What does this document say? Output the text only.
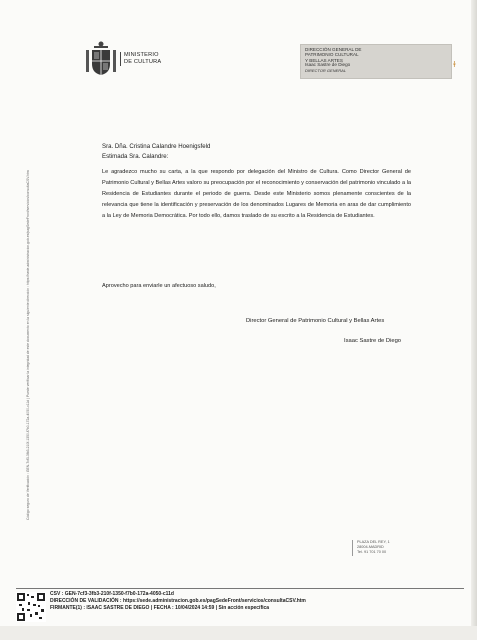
Código seguro de Verificación : GEN-7cf3-3fb3-210f-1350-f7b0-172a-4050-c11d | Puede verificar la integridad de este documento en la siguiente dirección : https://sede.administracion.gob.es/pagSedeFront/servicios/consultaCSV.htm
MINISTERIO
DE CULTURA
DIRECCIÓN GENERAL DE
PATRIMONIO CULTURAL
Y BELLAS ARTES
Isaac Sastre de Diego
DIRECTOR GENERAL
ɫ
Sra. Dña. Cristina Calandre Hoenigsfeld
Estimada Sra. Calandre:
Le agradezco mucho su carta, a la que respondo por delegación del Ministro de Cultura. Como Director General de Patrimonio Cultural y Bellas Artes valoro su preocupación por el reconocimiento y conservación del patrimonio vinculado a la Residencia de Estudiantes durante el periodo de guerra. Desde este Ministerio somos plenamente conscientes de la relevancia que tiene la identificación y preservación de los denominados Lugares de Memoria en aras de dar cumplimiento a la Ley de Memoria Democrática. Por todo ello, damos traslado de su escrito a la Residencia de Estudiantes.
Aprovecho para enviarle un afectuoso saludo,
Director General de Patrimonio Cultural y Bellas Artes
Isaac Sastre de Diego
PLAZA DEL REY, 1
28004-MADRID
Tel. 91 701 70 00
CSV : GEN-7cf3-3fb3-210f-1350-f7b0-172a-4050-c11d
DIRECCIÓN DE VALIDACIÓN : https://sede.administracion.gob.es/pagSedeFront/servicios/consultaCSV.htm
FIRMANTE(1) : ISAAC SASTRE DE DIEGO | FECHA : 10/04/2024 14:59 | Sin acción específica
